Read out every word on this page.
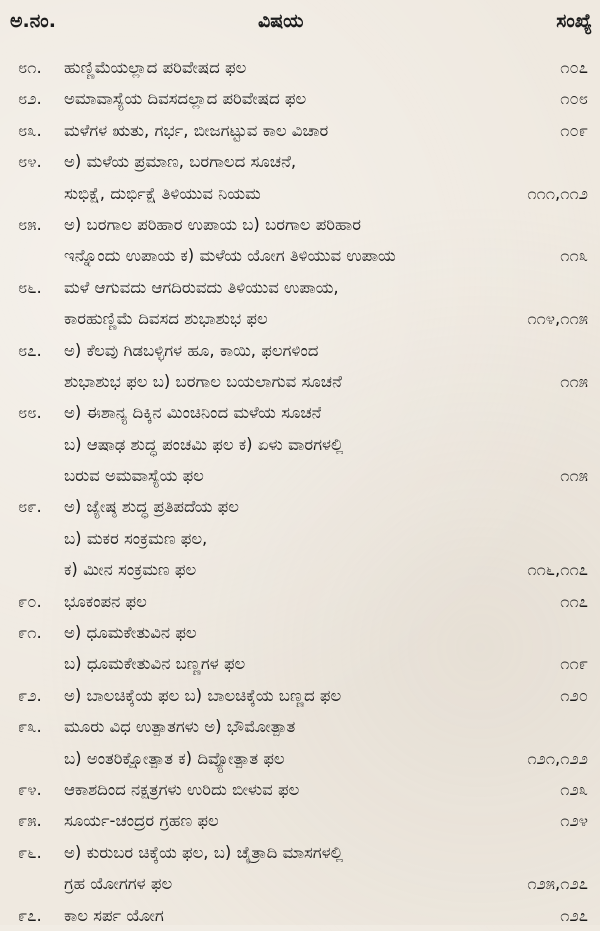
ಅ.ನಂ.	ವಿಷಯ	ಸಂಖ್ಯೆ
೮೧. ಹುಣ್ಣಿಮೆಯಲ್ಲಾದ ಪರಿವೇಷದ ಫಲ	೧೦೭
೮೨. ಅಮಾವಾಸ್ಯೆಯ ದಿವಸದಲ್ಲಾದ ಪರಿವೇಷದ ಫಲ	೧೦೮
೮೩. ಮಳೆಗಳ ಋತು, ಗರ್ಭ, ಬೀಜಗಟ್ಟುವ ಕಾಲ ವಿಚಾರ	೧೦೯
೮೪. ಅ) ಮಳೆಯ ಪ್ರಮಾಣ, ಬರಗಾಲದ ಸೂಚನೆ,
ಸುಭಿಕ್ಷೆ, ದುರ್ಭಿಕ್ಷೆ ತಿಳಿಯುವ ನಿಯಮ	೧೧೧,೧೧೨
೮೫. ಅ) ಬರಗಾಲ ಪರಿಹಾರ ಉಪಾಯ ಬ) ಬರಗಾಲ ಪರಿಹಾರ
ಇನ್ನೊಂದು ಉಪಾಯ ಕ) ಮಳೆಯ ಯೋಗ ತಿಳಿಯುವ ಉಪಾಯ	೧೧೩
೮೬. ಮಳೆ ಆಗುವದು ಆಗದಿರುವದು ತಿಳಿಯುವ ಉಪಾಯ,
ಕಾರಹುಣ್ಣಿಮೆ ದಿವಸದ ಶುಭಾಶುಭ ಫಲ	೧೧೪,೧೧೫
೮೭. ಅ) ಕೆಲವು ಗಿಡಬಳ್ಳಿಗಳ ಹೂ, ಕಾಯಿ, ಫಲಗಳಿಂದ
ಶುಭಾಶುಭ ಫಲ ಬ) ಬರಗಾಲ ಬಯಲಾಗುವ ಸೂಚನೆ	೧೧೫
೮೮. ಅ) ಈಶಾನ್ಯ ದಿಕ್ಕಿನ ಮಿಂಚಿನಿಂದ ಮಳೆಯ ಸೂಚನೆ
ಬ) ಆಷಾಢ ಶುದ್ಧ ಪಂಚಮಿ ಫಲ ಕ) ಏಳು ವಾರಗಳಲ್ಲಿ
ಬರುವ ಅಮವಾಸ್ಯೆಯ ಫಲ	೧೧೫
೮೯. ಅ) ಜ್ಯೇಷ್ಠ ಶುದ್ಧ ಪ್ರತಿಪದೆಯ ಫಲ
ಬ) ಮಕರ ಸಂಕ್ರಮಣ ಫಲ,
ಕ) ಮೀನ ಸಂಕ್ರಮಣ ಫಲ	೧೧೬,೧೧೭
೯೦. ಭೂಕಂಪನ ಫಲ	೧೧೭
೯೧. ಅ) ಧೂಮಕೇತುವಿನ ಫಲ
ಬ) ಧೂಮಕೇತುವಿನ ಬಣ್ಣಗಳ ಫಲ	೧೧೯
೯೨. ಅ) ಬಾಲಚಿಕ್ಕೆಯ ಫಲ ಬ) ಬಾಲಚಿಕ್ಕೆಯ ಬಣ್ಣದ ಫಲ	೧೨೦
೯೩. ಮೂರು ವಿಧ ಉತ್ಪಾತಗಳು ಅ) ಭೌಮೋತ್ಪಾತ
ಬ) ಅಂತರಿಕ್ಷೋತ್ಪಾತ ಕ) ದಿವ್ಯೋತ್ಪಾತ ಫಲ	೧೨೧,೧೨೨
೯೪. ಆಕಾಶದಿಂದ ನಕ್ಷತ್ರಗಳು ಉರಿದು ಬೀಳುವ ಫಲ	೧೨೩
೯೫. ಸೂರ್ಯ-ಚಂದ್ರರ ಗ್ರಹಣ ಫಲ	೧೨೪
೯೬. ಅ) ಕುರುಬರ ಚಿಕ್ಕೆಯ ಫಲ, ಬ) ಚೈತ್ರಾದಿ ಮಾಸಗಳಲ್ಲಿ
ಗ್ರಹ ಯೋಗಗಳ ಫಲ	೧೨೫,೧೨೭
೯೭. ಕಾಲ ಸರ್ಪ ಯೋಗ	೧೨೭
